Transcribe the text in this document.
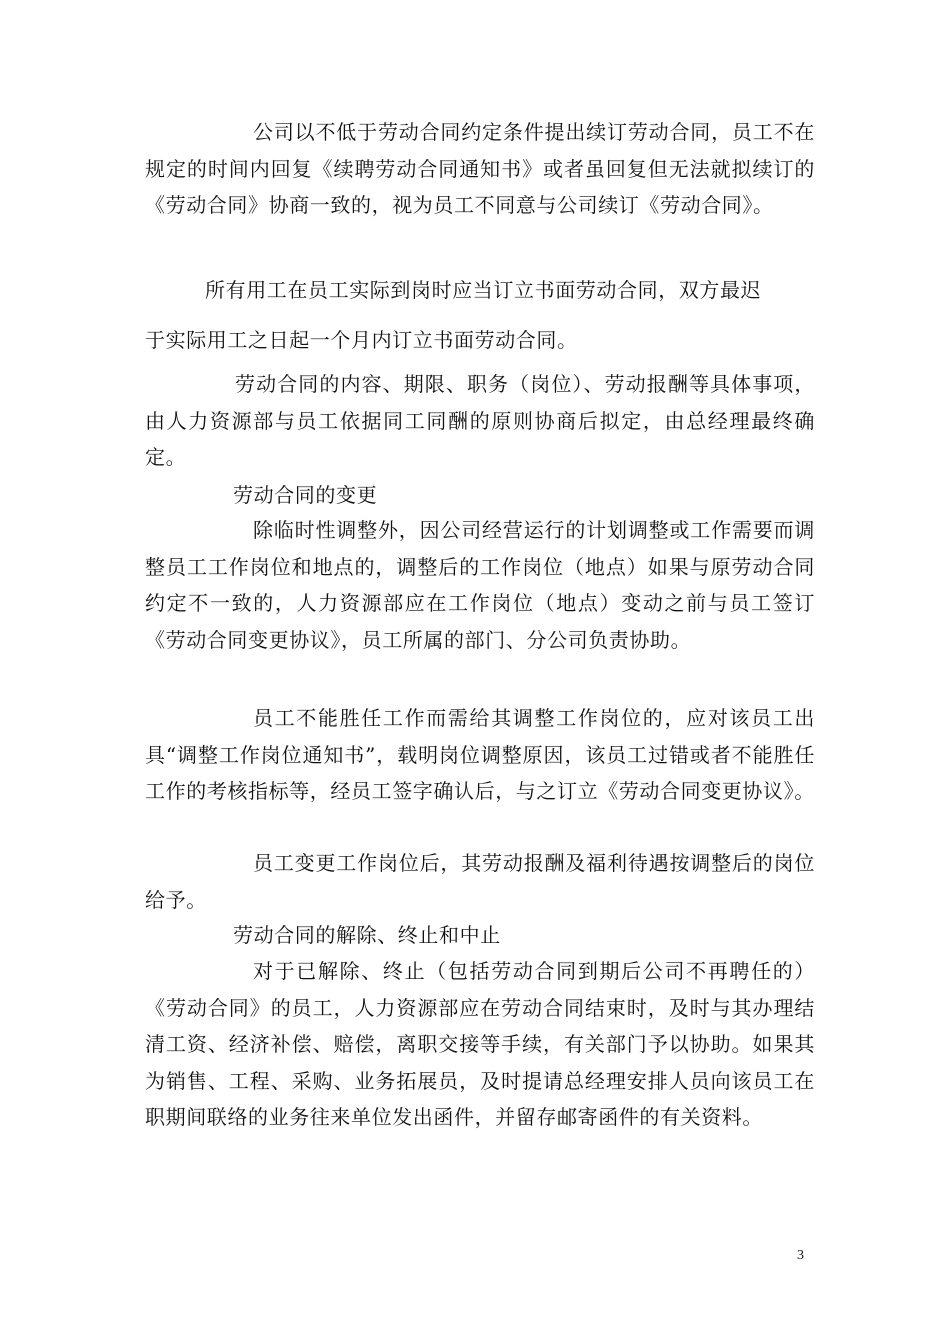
公司以不低于劳动合同约定条件提出续订劳动合同，员工不在规定的时间内回复《续聘劳动合同通知书》或者虽回复但无法就拟续订的《劳动合同》协商一致的，视为员工不同意与公司续订《劳动合同》。

所有用工在员工实际到岗时应当订立书面劳动合同，双方最迟

于实际用工之日起一个月内订立书面劳动合同。

劳动合同的内容、期限、职务（岗位）、劳动报酬等具体事项，由人力资源部与员工依据同工同酬的原则协商后拟定，由总经理最终确定。

劳动合同的变更

除临时性调整外，因公司经营运行的计划调整或工作需要而调整员工工作岗位和地点的，调整后的工作岗位（地点）如果与原劳动合同约定不一致的，人力资源部应在工作岗位（地点）变动之前与员工签订《劳动合同变更协议》，员工所属的部门、分公司负责协助。

员工不能胜任工作而需给其调整工作岗位的，应对该员工出具“调整工作岗位通知书”，载明岗位调整原因，该员工过错或者不能胜任工作的考核指标等，经员工签字确认后，与之订立《劳动合同变更协议》。

员工变更工作岗位后，其劳动报酬及福利待遇按调整后的岗位给予。

劳动合同的解除、终止和中止

对于已解除、终止（包括劳动合同到期后公司不再聘任的）《劳动合同》的员工，人力资源部应在劳动合同结束时，及时与其办理结清工资、经济补偿、赔偿，离职交接等手续，有关部门予以协助。如果其为销售、工程、采购、业务拓展员，及时提请总经理安排人员向该员工在职期间联络的业务往来单位发出函件，并留存邮寄函件的有关资料。

3
